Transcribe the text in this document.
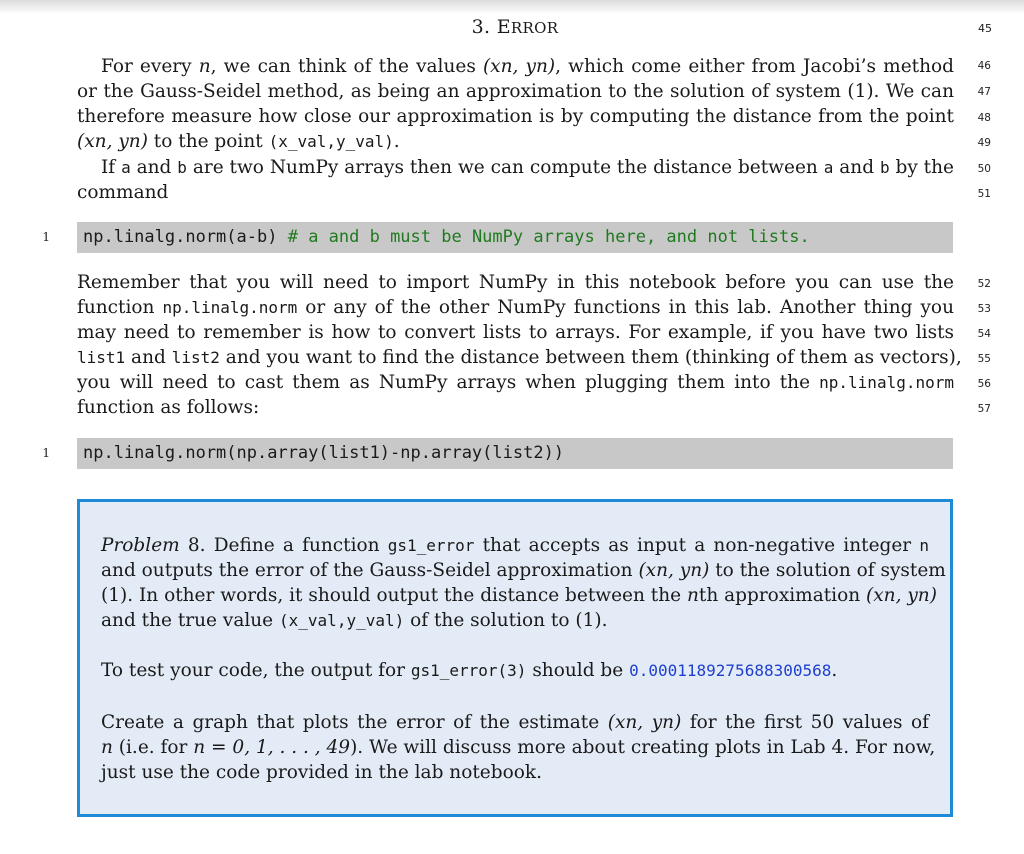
3. ERROR	45
For every n, we can think of the values (xn, yn), which come either from Jacobi’s method
or the Gauss-Seidel method, as being an approximation to the solution of system (1). We can
therefore measure how close our approximation is by computing the distance from the point
(xn, yn) to the point (x_val,y_val).
46
47
48
49
If a and b are two NumPy arrays then we can compute the distance between a and b by the
command
50
51
1	np.linalg.norm(a-b) # a and b must be NumPy arrays here, and not lists.
Remember that you will need to import NumPy in this notebook before you can use the
function np.linalg.norm or any of the other NumPy functions in this lab. Another thing you
may need to remember is how to convert lists to arrays. For example, if you have two lists
list1 and list2 and you want to find the distance between them (thinking of them as vectors),
you will need to cast them as NumPy arrays when plugging them into the np.linalg.norm
function as follows:
52
53
54
55
56
57
1	np.linalg.norm(np.array(list1)-np.array(list2))
Problem 8. Define a function gs1_error that accepts as input a non-negative integer n
and outputs the error of the Gauss-Seidel approximation (xn, yn) to the solution of system
(1). In other words, it should output the distance between the nth approximation (xn, yn)
and the true value (x_val,y_val) of the solution to (1).
To test your code, the output for gs1_error(3) should be 0.0001189275688300568.
Create a graph that plots the error of the estimate (xn, yn) for the first 50 values of
n (i.e. for n = 0, 1, . . . , 49). We will discuss more about creating plots in Lab 4. For now,
just use the code provided in the lab notebook.
